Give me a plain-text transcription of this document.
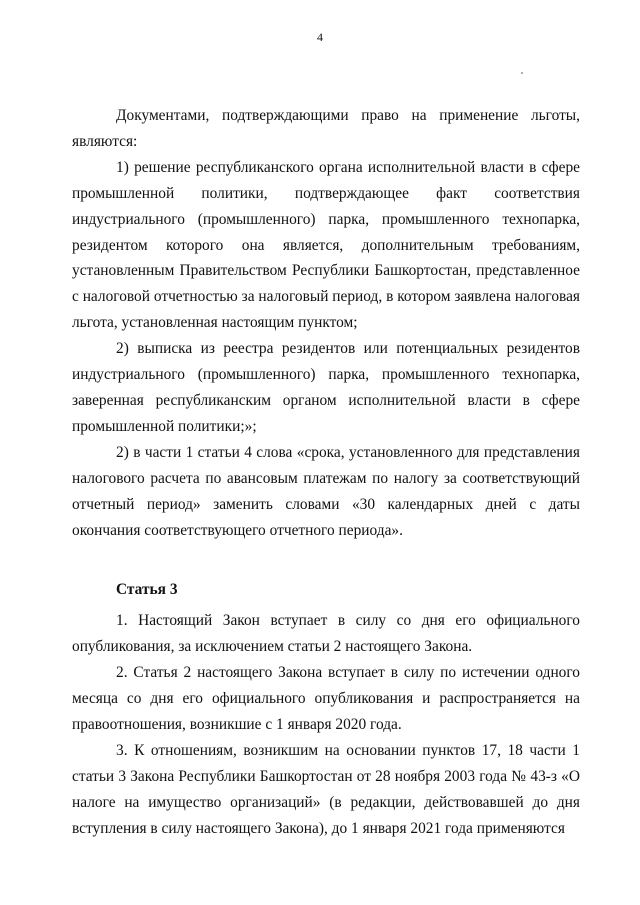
4

Документами, подтверждающими право на применение льготы, являются:

1) решение республиканского органа исполнительной власти в сфере промышленной политики, подтверждающее факт соответствия индустриального (промышленного) парка, промышленного технопарка, резидентом которого она является, дополнительным требованиям, установленным Правительством Республики Башкортостан, представленное с налоговой отчетностью за налоговый период, в котором заявлена налоговая льгота, установленная настоящим пунктом;

2) выписка из реестра резидентов или потенциальных резидентов индустриального (промышленного) парка, промышленного технопарка, заверенная республиканским органом исполнительной власти в сфере промышленной политики;»;

2) в части 1 статьи 4 слова «срока, установленного для представления налогового расчета по авансовым платежам по налогу за соответствующий отчетный период» заменить словами «30 календарных дней с даты окончания соответствующего отчетного периода».

Статья 3

1. Настоящий Закон вступает в силу со дня его официального опубликования, за исключением статьи 2 настоящего Закона.

2. Статья 2 настоящего Закона вступает в силу по истечении одного месяца со дня его официального опубликования и распространяется на правоотношения, возникшие с 1 января 2020 года.

3. К отношениям, возникшим на основании пунктов 17, 18 части 1 статьи 3 Закона Республики Башкортостан от 28 ноября 2003 года № 43-з «О налоге на имущество организаций» (в редакции, действовавшей до дня вступления в силу настоящего Закона), до 1 января 2021 года применяются
